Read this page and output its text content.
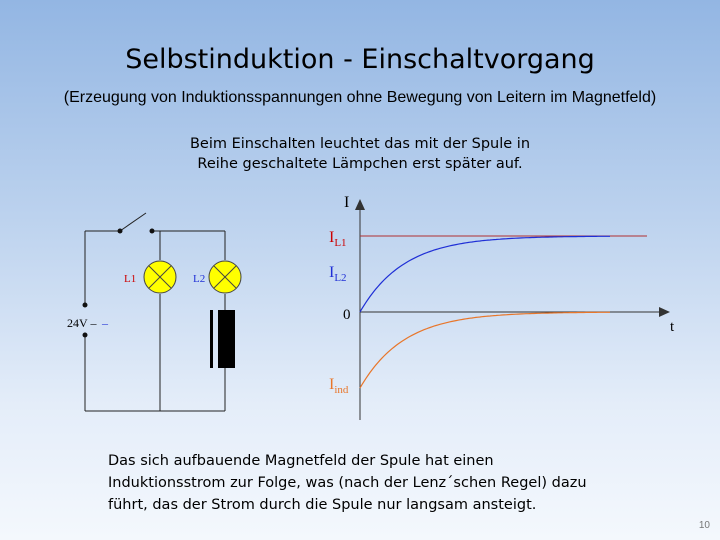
Selbstinduktion - Einschaltvorgang
(Erzeugung von Induktionsspannungen ohne Bewegung von Leitern im Magnetfeld)
Beim Einschalten leuchtet das mit der Spule in
Reihe geschaltete Lämpchen erst später auf.
24V – –
L1	L2
I
t
0
$I_{L1}$
$I_{L2}$
$I_{ind}$
Das sich aufbauende Magnetfeld der Spule hat einen
Induktionsstrom zur Folge, was (nach der Lenz´schen Regel) dazu
führt, das der Strom durch die Spule nur langsam ansteigt.
10
